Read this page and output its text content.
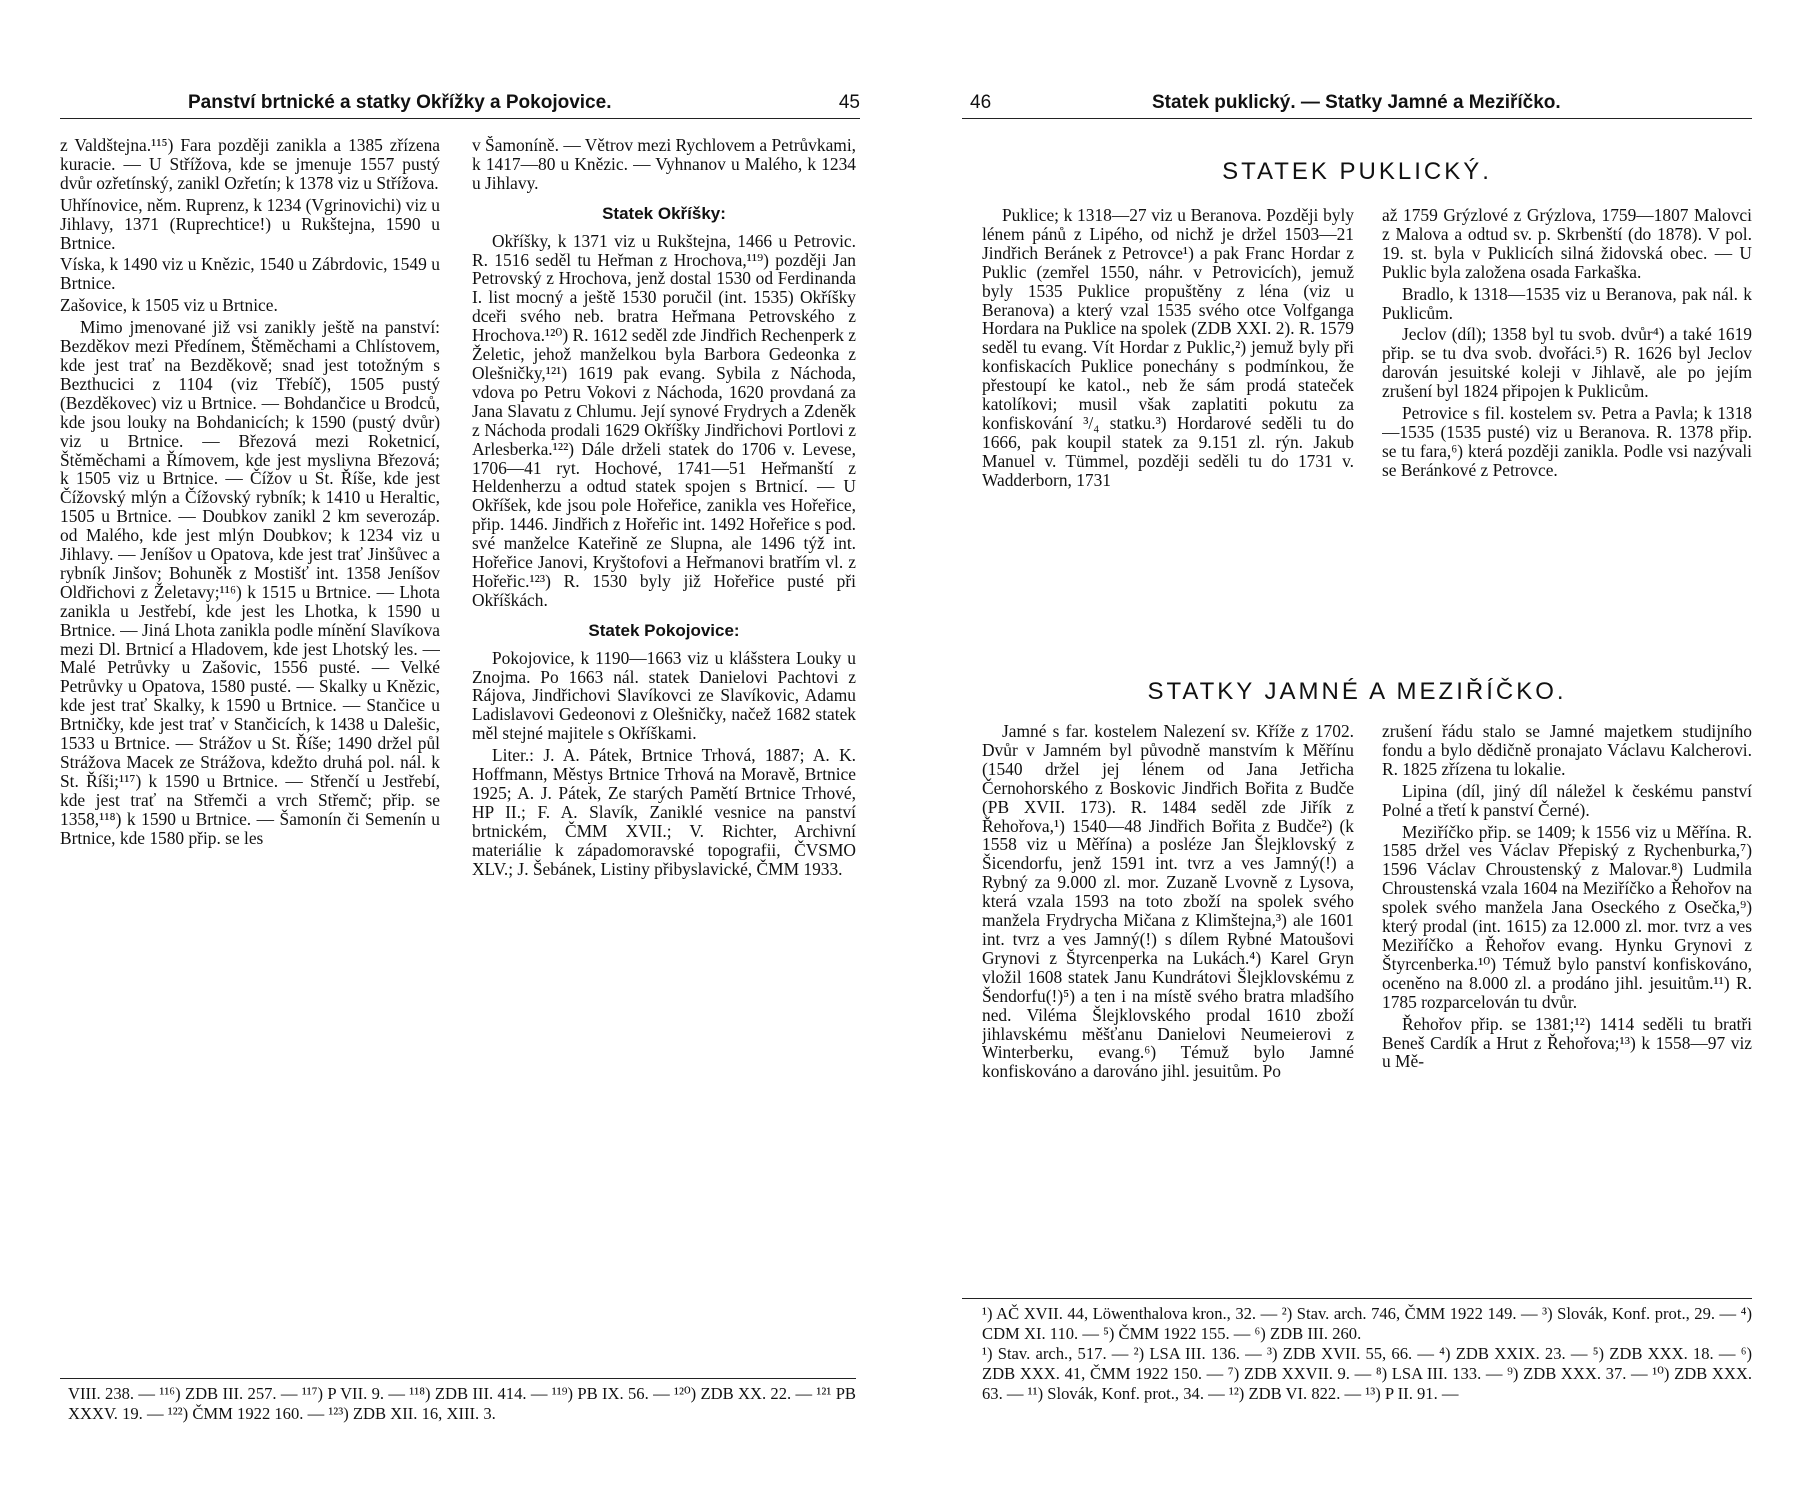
Panství brtnické a statky Okřížky a Pokojovice.	45

z Valdštejna.¹¹⁵) Fara později zanikla a 1385 zřízena kuracie. — U Střížova, kde se jmenuje 1557 pustý dvůr ozřetínský, zanikl Ozřetín; k 1378 viz u Střížova.

Uhřínovice, něm. Ruprenz, k 1234 (Vgrinovichi) viz u Jihlavy, 1371 (Ruprechtice!) u Rukštejna, 1590 u Brtnice.

Víska, k 1490 viz u Knězic, 1540 u Zábrdovic, 1549 u Brtnice.

Zašovice, k 1505 viz u Brtnice.

Mimo jmenované již vsi zanikly ještě na panství: Bezděkov mezi Předínem, Štěměchami a Chlístovem, kde jest trať na Bezděkově; snad jest totožným s Bezthucici z 1104 (viz Třebíč), 1505 pustý (Bezděkovec) viz u Brtnice. — Bohdančice u Brodců, kde jsou louky na Bohdanicích; k 1590 (pustý dvůr) viz u Brtnice. — Březová mezi Roketnicí, Štěměchami a Římovem, kde jest myslivna Březová; k 1505 viz u Brtnice. — Čížov u St. Říše, kde jest Čížovský mlýn a Čížovský rybník; k 1410 u Heraltic, 1505 u Brtnice. — Doubkov zanikl 2 km severozáp. od Malého, kde jest mlýn Doubkov; k 1234 viz u Jihlavy. — Jeníšov u Opatova, kde jest trať Jinšůvec a rybník Jinšov; Bohuněk z Mostišť int. 1358 Jeníšov Oldřichovi z Želetavy;¹¹⁶) k 1515 u Brtnice. — Lhota zanikla u Jestřebí, kde jest les Lhotka, k 1590 u Brtnice. — Jiná Lhota zanikla podle mínění Slavíkova mezi Dl. Brtnicí a Hladovem, kde jest Lhotský les. — Malé Petrůvky u Zašovic, 1556 pusté. — Velké Petrůvky u Opatova, 1580 pusté. — Skalky u Knězic, kde jest trať Skalky, k 1590 u Brtnice. — Stančice u Brtničky, kde jest trať v Stančicích, k 1438 u Dalešic, 1533 u Brtnice. — Strážov u St. Říše; 1490 držel půl Strážova Macek ze Strážova, kdežto druhá pol. nál. k St. Říši;¹¹⁷) k 1590 u Brtnice. — Střenčí u Jestřebí, kde jest trať na Střemči a vrch Střemč; přip. se 1358,¹¹⁸) k 1590 u Brtnice. — Šamonín či Semenín u Brtnice, kde 1580 přip. se les

v Šamoníně. — Větrov mezi Rychlovem a Petrůvkami, k 1417—80 u Knězic. — Vyhnanov u Malého, k 1234 u Jihlavy.

Statek Okříšky:

Okříšky, k 1371 viz u Rukštejna, 1466 u Petrovic. R. 1516 seděl tu Heřman z Hrochova,¹¹⁹) později Jan Petrovský z Hrochova, jenž dostal 1530 od Ferdinanda I. list mocný a ještě 1530 poručil (int. 1535) Okříšky dceři svého neb. bratra Heřmana Petrovského z Hrochova.¹²⁰) R. 1612 seděl zde Jindřich Rechenperk z Želetic, jehož manželkou byla Barbora Gedeonka z Olešničky,¹²¹) 1619 pak evang. Sybila z Náchoda, vdova po Petru Vokovi z Náchoda, 1620 provdaná za Jana Slavatu z Chlumu. Její synové Frydrych a Zdeněk z Náchoda prodali 1629 Okříšky Jindřichovi Portlovi z Arlesberka.¹²²) Dále drželi statek do 1706 v. Levese, 1706—41 ryt. Hochové, 1741—51 Heřmanští z Heldenherzu a odtud statek spojen s Brtnicí. — U Okříšek, kde jsou pole Hořeřice, zanikla ves Hořeřice, přip. 1446. Jindřich z Hořeřic int. 1492 Hořeřice s pod. své manželce Kateřině ze Slupna, ale 1496 týž int. Hořeřice Janovi, Kryštofovi a Heřmanovi bratřím vl. z Hořeřic.¹²³) R. 1530 byly již Hořeřice pusté při Okříškách.

Statek Pokojovice:

Pokojovice, k 1190—1663 viz u klášstera Louky u Znojma. Po 1663 nál. statek Danielovi Pachtovi z Rájova, Jindřichovi Slavíkovci ze Slavíkovic, Adamu Ladislavovi Gedeonovi z Olešničky, načež 1682 statek měl stejné majitele s Okříškami.

Liter.: J. A. Pátek, Brtnice Trhová, 1887; A. K. Hoffmann, Městys Brtnice Trhová na Moravě, Brtnice 1925; A. J. Pátek, Ze starých Pamětí Brtnice Trhové, HP II.; F. A. Slavík, Zaniklé vesnice na panství brtnickém, ČMM XVII.; V. Richter, Archivní materiálie k západomoravské topografii, ČVSMO XLV.; J. Šebánek, Listiny přibyslavické, ČMM 1933.

VIII. 238. — ¹¹⁶) ZDB III. 257. — ¹¹⁷) P VII. 9. — ¹¹⁸) ZDB III. 414. — ¹¹⁹) PB IX. 56. — ¹²⁰) ZDB XX. 22. — ¹²¹ PB XXXV. 19. — ¹²²) ČMM 1922 160. — ¹²³) ZDB XII. 16, XIII. 3.

46	Statek puklický. — Statky Jamné a Meziříčko.
STATEK PUKLICKÝ.

Puklice; k 1318—27 viz u Beranova. Později byly lénem pánů z Lipého, od nichž je držel 1503—21 Jindřich Beránek z Petrovce¹) a pak Franc Hordar z Puklic (zemřel 1550, náhr. v Petrovicích), jemuž byly 1535 Puklice propuštěny z léna (viz u Beranova) a který vzal 1535 svého otce Volfganga Hordara na Puklice na spolek (ZDB XXI. 2). R. 1579 seděl tu evang. Vít Hordar z Puklic,²) jemuž byly při konfiskacích Puklice ponechány s podmínkou, že přestoupí ke katol., neb že sám prodá stateček katolíkovi; musil však zaplatiti pokutu za konfiskování ³/₄ statku.³) Hordarové seděli tu do 1666, pak koupil statek za 9.151 zl. rýn. Jakub Manuel v. Tümmel, později seděli tu do 1731 v. Wadderborn, 1731

až 1759 Grýzlové z Grýzlova, 1759—1807 Malovci z Malova a odtud sv. p. Skrbenští (do 1878). V pol. 19. st. byla v Puklicích silná židovská obec. — U Puklic byla založena osada Farkaška.

Bradlo, k 1318—1535 viz u Beranova, pak nál. k Puklicům.

Jeclov (díl); 1358 byl tu svob. dvůr⁴) a také 1619 přip. se tu dva svob. dvořáci.⁵) R. 1626 byl Jeclov darován jesuitské koleji v Jihlavě, ale po jejím zrušení byl 1824 připojen k Puklicům.

Petrovice s fil. kostelem sv. Petra a Pavla; k 1318—1535 (1535 pusté) viz u Beranova. R. 1378 přip. se tu fara,⁶) která později zanikla. Podle vsi nazývali se Beránkové z Petrovce.

STATKY JAMNÉ A MEZIŘÍČKO.

Jamné s far. kostelem Nalezení sv. Kříže z 1702. Dvůr v Jamném byl původně manstvím k Měřínu (1540 držel jej lénem od Jana Jetřicha Černohorského z Boskovic Jindřich Bořita z Budče (PB XVII. 173). R. 1484 seděl zde Jiřík z Řehořova,¹) 1540—48 Jindřich Bořita z Budče²) (k 1558 viz u Měřína) a posléze Jan Šlejklovský z Šicendorfu, jenž 1591 int. tvrz a ves Jamný(!) a Rybný za 9.000 zl. mor. Zuzaně Lvovně z Lysova, která vzala 1593 na toto zboží na spolek svého manžela Frydrycha Mičana z Klimštejna,³) ale 1601 int. tvrz a ves Jamný(!) s dílem Rybné Matoušovi Grynovi z Štyrcenperka na Lukách.⁴) Karel Gryn vložil 1608 statek Janu Kundrátovi Šlejklovskému z Šendorfu(!)⁵) a ten i na místě svého bratra mladšího ned. Viléma Šlejklovského prodal 1610 zboží jihlavskému měšťanu Danielovi Neumeierovi z Winterberku, evang.⁶) Témuž bylo Jamné konfiskováno a darováno jihl. jesuitům. Po

zrušení řádu stalo se Jamné majetkem studijního fondu a bylo dědičně pronajato Václavu Kalcherovi. R. 1825 zřízena tu lokalie.

Lipina (díl, jiný díl náležel k českému panství Polné a třetí k panství Černé).

Meziříčko přip. se 1409; k 1556 viz u Měřína. R. 1585 držel ves Václav Přepiský z Rychenburka,⁷) 1596 Václav Chroustenský z Malovar.⁸) Ludmila Chroustenská vzala 1604 na Meziříčko a Řehořov na spolek svého manžela Jana Oseckého z Osečka,⁹) který prodal (int. 1615) za 12.000 zl. mor. tvrz a ves Meziříčko a Řehořov evang. Hynku Grynovi z Štyrcenberka.¹⁰) Témuž bylo panství konfiskováno, oceněno na 8.000 zl. a prodáno jihl. jesuitům.¹¹) R. 1785 rozparcelován tu dvůr.

Řehořov přip. se 1381;¹²) 1414 seděli tu bratři Beneš Cardík a Hrut z Řehořova;¹³) k 1558—97 viz u Mě-

¹) AČ XVII. 44, Löwenthalova kron., 32. — ²) Stav. arch. 746, ČMM 1922 149. — ³) Slovák, Konf. prot., 29. — ⁴) CDM XI. 110. — ⁵) ČMM 1922 155. — ⁶) ZDB III. 260.

¹) Stav. arch., 517. — ²) LSA III. 136. — ³) ZDB XVII. 55, 66. — ⁴) ZDB XXIX. 23. — ⁵) ZDB XXX. 18. — ⁶) ZDB XXX. 41, ČMM 1922 150. — ⁷) ZDB XXVII. 9. — ⁸) LSA III. 133. — ⁹) ZDB XXX. 37. — ¹⁰) ZDB XXX. 63. — ¹¹) Slovák, Konf. prot., 34. — ¹²) ZDB VI. 822. — ¹³) P II. 91. —
